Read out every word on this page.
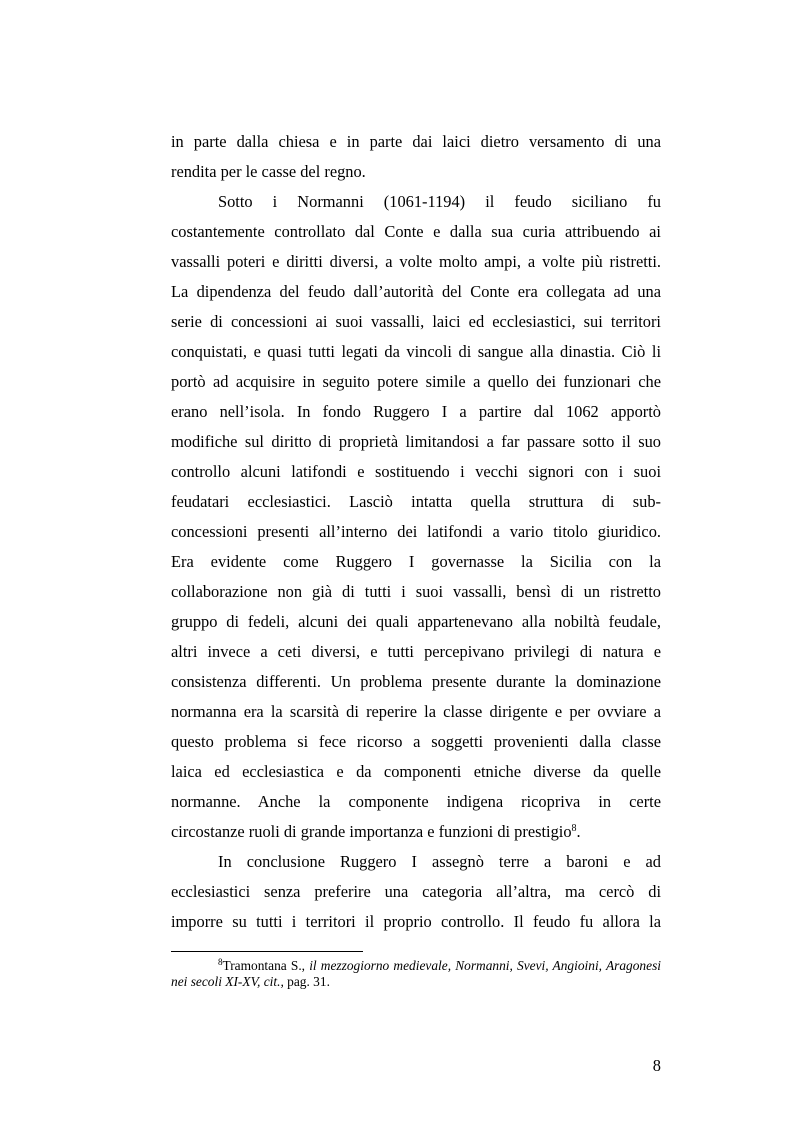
in parte dalla chiesa e in parte dai laici dietro versamento di una
rendita per le casse del regno.
Sotto i Normanni (1061-1194) il feudo siciliano fu
costantemente controllato dal Conte e dalla sua curia attribuendo ai
vassalli poteri e diritti diversi, a volte molto ampi, a volte più ristretti.
La dipendenza del feudo dall’autorità del Conte era collegata ad una
serie di concessioni ai suoi vassalli, laici ed ecclesiastici, sui territori
conquistati, e quasi tutti legati da vincoli di sangue alla dinastia. Ciò li
portò ad acquisire in seguito potere simile a quello dei funzionari che
erano nell’isola. In fondo Ruggero I a partire dal 1062 apportò
modifiche sul diritto di proprietà limitandosi a far passare sotto il suo
controllo alcuni latifondi e sostituendo i vecchi signori con i suoi
feudatari ecclesiastici. Lasciò intatta quella struttura di sub-
concessioni presenti all’interno dei latifondi a vario titolo giuridico.
Era evidente come Ruggero I governasse la Sicilia con la
collaborazione non già di tutti i suoi vassalli, bensì di un ristretto
gruppo di fedeli, alcuni dei quali appartenevano alla nobiltà feudale,
altri invece a ceti diversi, e tutti percepivano privilegi di natura e
consistenza differenti. Un problema presente durante la dominazione
normanna era la scarsità di reperire la classe dirigente e per ovviare a
questo problema si fece ricorso a soggetti provenienti dalla classe
laica ed ecclesiastica e da componenti etniche diverse da quelle
normanne. Anche la componente indigena ricopriva in certe
circostanze ruoli di grande importanza e funzioni di prestigio$^8$.
In conclusione Ruggero I assegnò terre a baroni e ad
ecclesiastici senza preferire una categoria all’altra, ma cercò di
imporre su tutti i territori il proprio controllo. Il feudo fu allora la
$^8$Tramontana S., il mezzogiorno medievale, Normanni, Svevi, Angioini, Aragonesi
nei secoli XI-XV, cit., pag. 31.
8
